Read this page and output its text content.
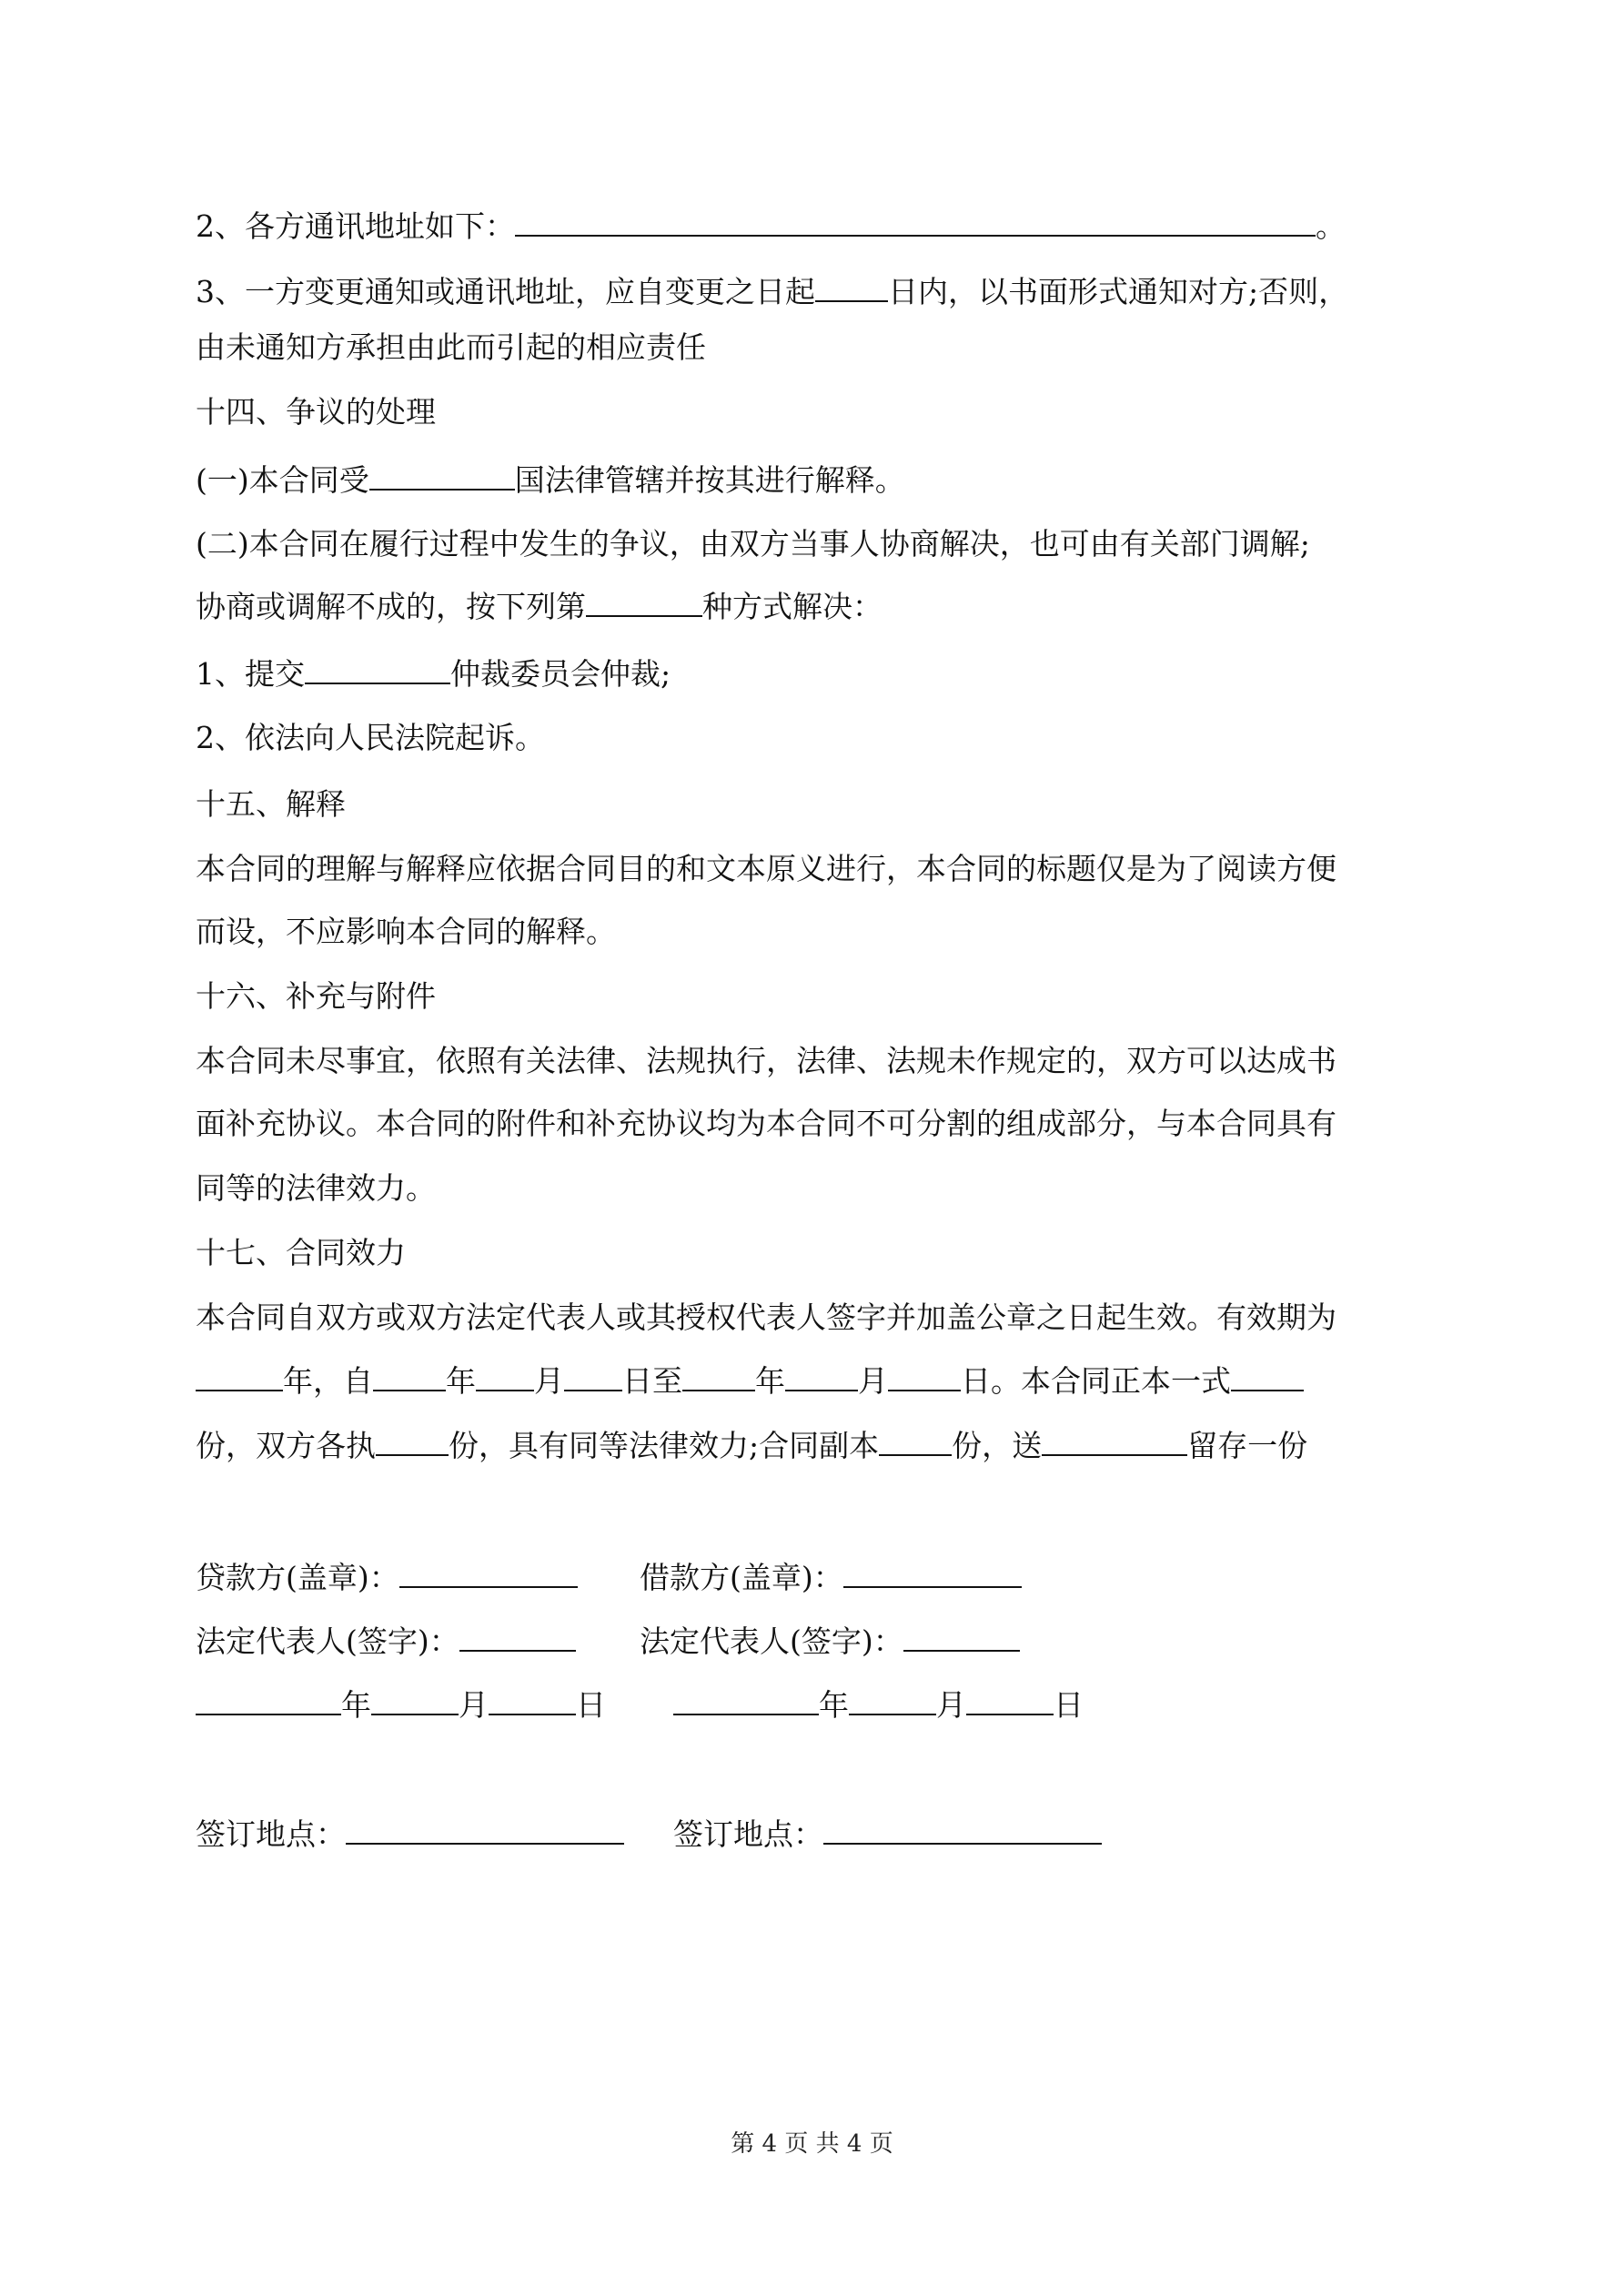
2、各方通讯地址如下：	。
3、一方变更通知或通讯地址，应自变更之日起 日内，以书面形式通知对方;否则，
由未通知方承担由此而引起的相应责任
十四、争议的处理
(一)本合同受	国法律管辖并按其进行解释。
(二)本合同在履行过程中发生的争议，由双方当事人协商解决，也可由有关部门调解;
协商或调解不成的，按下列第	种方式解决：
1、提交	仲裁委员会仲裁;
2、依法向人民法院起诉。
十五、解释
本合同的理解与解释应依据合同目的和文本原义进行，本合同的标题仅是为了阅读方便
而设，不应影响本合同的解释。
十六、补充与附件
本合同未尽事宜，依照有关法律、法规执行，法律、法规未作规定的，双方可以达成书
面补充协议。本合同的附件和补充协议均为本合同不可分割的组成部分，与本合同具有
同等的法律效力。
十七、合同效力
本合同自双方或双方法定代表人或其授权代表人签字并加盖公章之日起生效。有效期为
年，自 年 月 日至 年 月 日。本合同正本一式
份，双方各执 份，具有同等法律效力;合同副本 份，送	留存一份
贷款方(盖章)：	借款方(盖章)：
法定代表人(签字)：	法定代表人(签字)：
年	月	日	年	月	日
签订地点：	签订地点：
第 4 页 共 4 页
